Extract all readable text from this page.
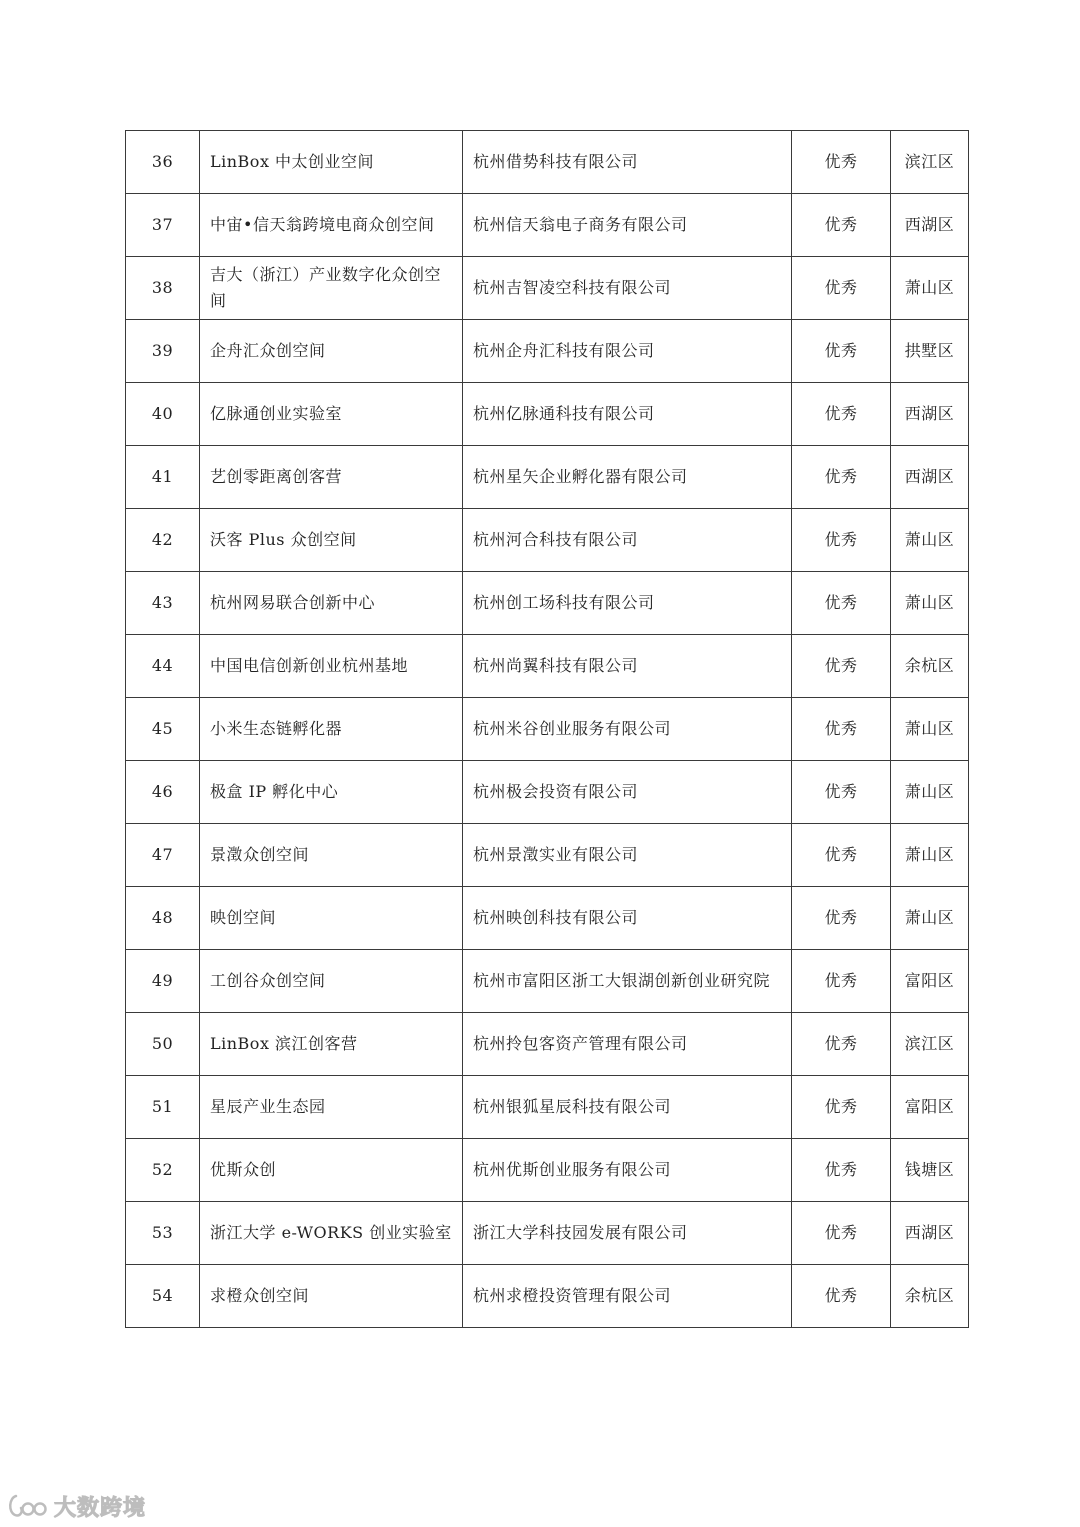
36	LinBox 中太创业空间	杭州借势科技有限公司	优秀	滨江区

37	中宙•信天翁跨境电商众创空间	杭州信天翁电子商务有限公司	优秀	西湖区

38	吉大（浙江）产业数字化众创空间	杭州吉智凌空科技有限公司	优秀	萧山区

39	企舟汇众创空间	杭州企舟汇科技有限公司	优秀	拱墅区

40	亿脉通创业实验室	杭州亿脉通科技有限公司	优秀	西湖区

41	艺创零距离创客营	杭州星矢企业孵化器有限公司	优秀	西湖区

42	沃客 Plus 众创空间	杭州河合科技有限公司	优秀	萧山区

43	杭州网易联合创新中心	杭州创工场科技有限公司	优秀	萧山区

44	中国电信创新创业杭州基地	杭州尚翼科技有限公司	优秀	余杭区

45	小米生态链孵化器	杭州米谷创业服务有限公司	优秀	萧山区

46	极盒 IP 孵化中心	杭州极会投资有限公司	优秀	萧山区

47	景澂众创空间	杭州景澂实业有限公司	优秀	萧山区

48	映创空间	杭州映创科技有限公司	优秀	萧山区

49	工创谷众创空间	杭州市富阳区浙工大银湖创新创业研究院	优秀	富阳区

50	LinBox 滨江创客营	杭州拎包客资产管理有限公司	优秀	滨江区

51	星辰产业生态园	杭州银狐星辰科技有限公司	优秀	富阳区

52	优斯众创	杭州优斯创业服务有限公司	优秀	钱塘区

53	浙江大学 e-WORKS 创业实验室	浙江大学科技园发展有限公司	优秀	西湖区

54	求橙众创空间	杭州求橙投资管理有限公司	优秀	余杭区
大数跨境
